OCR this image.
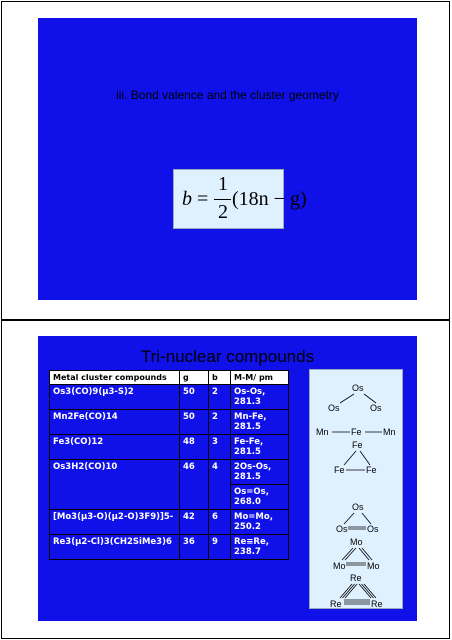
iii. Bond valence and the cluster geometry
b =
1
2
(18n − g)
Tri-nuclear compounds
Metal cluster compounds	g	b	M-M/ pm
Os3(CO)9(μ3-S)2	50	2	Os-Os, 281.3
Mn2Fe(CO)14	50	2	Mn-Fe, 281.5
Fe3(CO)12	48	3	Fe-Fe, 281.5
Os3H2(CO)10	46	4	2Os-Os, 281.5
			Os=Os, 268.0
[Mo3(μ3-O)(μ2-O)3F9)]5-	42	6	Mo=Mo, 250.2
Re3(μ2-Cl)3(CH2SiMe3)6	36	9	Re≡Re, 238.7
Os
Os	Os
Mn Fe Mn
Fe
Fe Fe
Os
Os Os
Mo
Mo Mo
Re
Re	Re
